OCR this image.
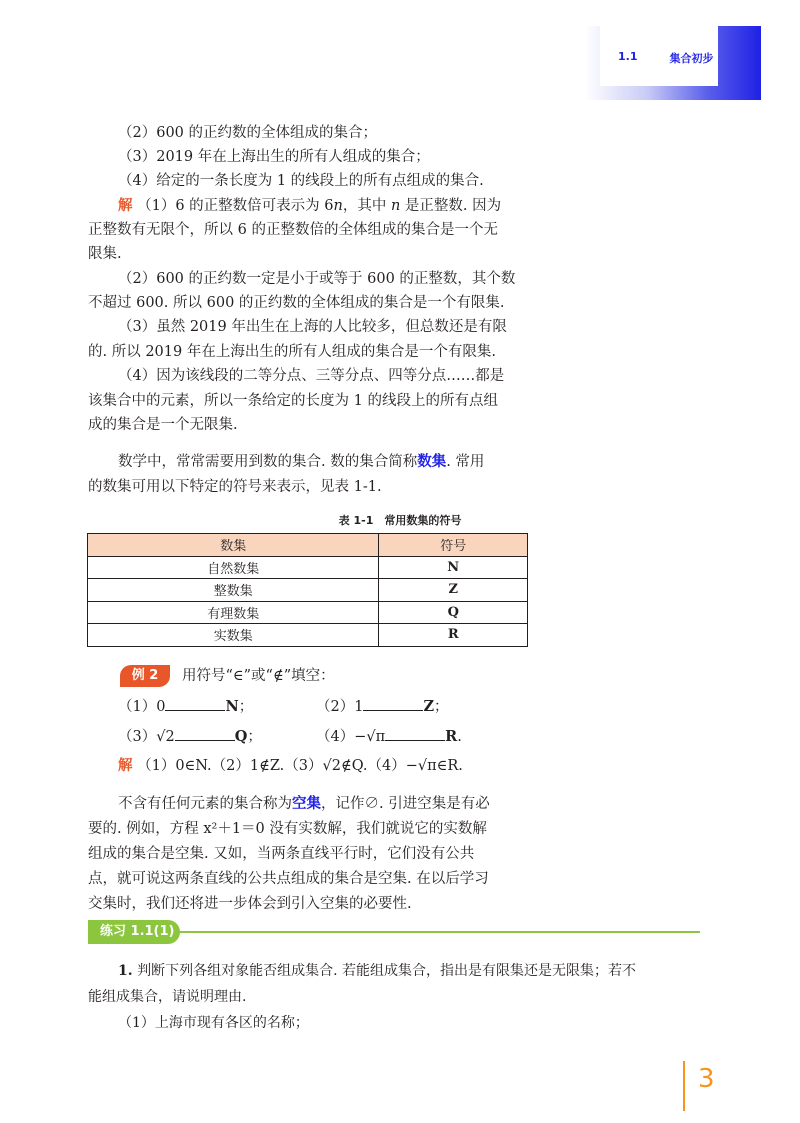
1.1	集合初步
（2）600 的正约数的全体组成的集合；
（3）2019 年在上海出生的所有人组成的集合；
（4）给定的一条长度为 1 的线段上的所有点组成的集合.
解 （1）6 的正整数倍可表示为 6n，其中 n 是正整数. 因为
正整数有无限个，所以 6 的正整数倍的全体组成的集合是一个无
限集.
（2）600 的正约数一定是小于或等于 600 的正整数，其个数
不超过 600. 所以 600 的正约数的全体组成的集合是一个有限集.
（3）虽然 2019 年出生在上海的人比较多，但总数还是有限
的. 所以 2019 年在上海出生的所有人组成的集合是一个有限集.
（4）因为该线段的二等分点、三等分点、四等分点……都是
该集合中的元素，所以一条给定的长度为 1 的线段上的所有点组
成的集合是一个无限集.
数学中，常常需要用到数的集合. 数的集合简称数集. 常用
的数集可用以下特定的符号来表示，见表 1-1.
表 1-1　常用数集的符号
数集	符号
自然数集	N
整数集	Z
有理数集	Q
实数集	R
例 2	用符号“∈”或“∉”填空：
（1）0	N；	（2）1	Z；
（3）√2	Q；	（4）−√π	R.
解 （1）0∈N.（2）1∉Z.（3）√2∉Q.（4）−√π∈R.
不含有任何元素的集合称为空集，记作∅. 引进空集是有必
要的. 例如，方程 x²＋1＝0 没有实数解，我们就说它的实数解
组成的集合是空集. 又如，当两条直线平行时，它们没有公共
点，就可说这两条直线的公共点组成的集合是空集. 在以后学习
交集时，我们还将进一步体会到引入空集的必要性.
练习 1.1(1)
1. 判断下列各组对象能否组成集合. 若能组成集合，指出是有限集还是无限集；若不
能组成集合，请说明理由.
（1）上海市现有各区的名称；
3
